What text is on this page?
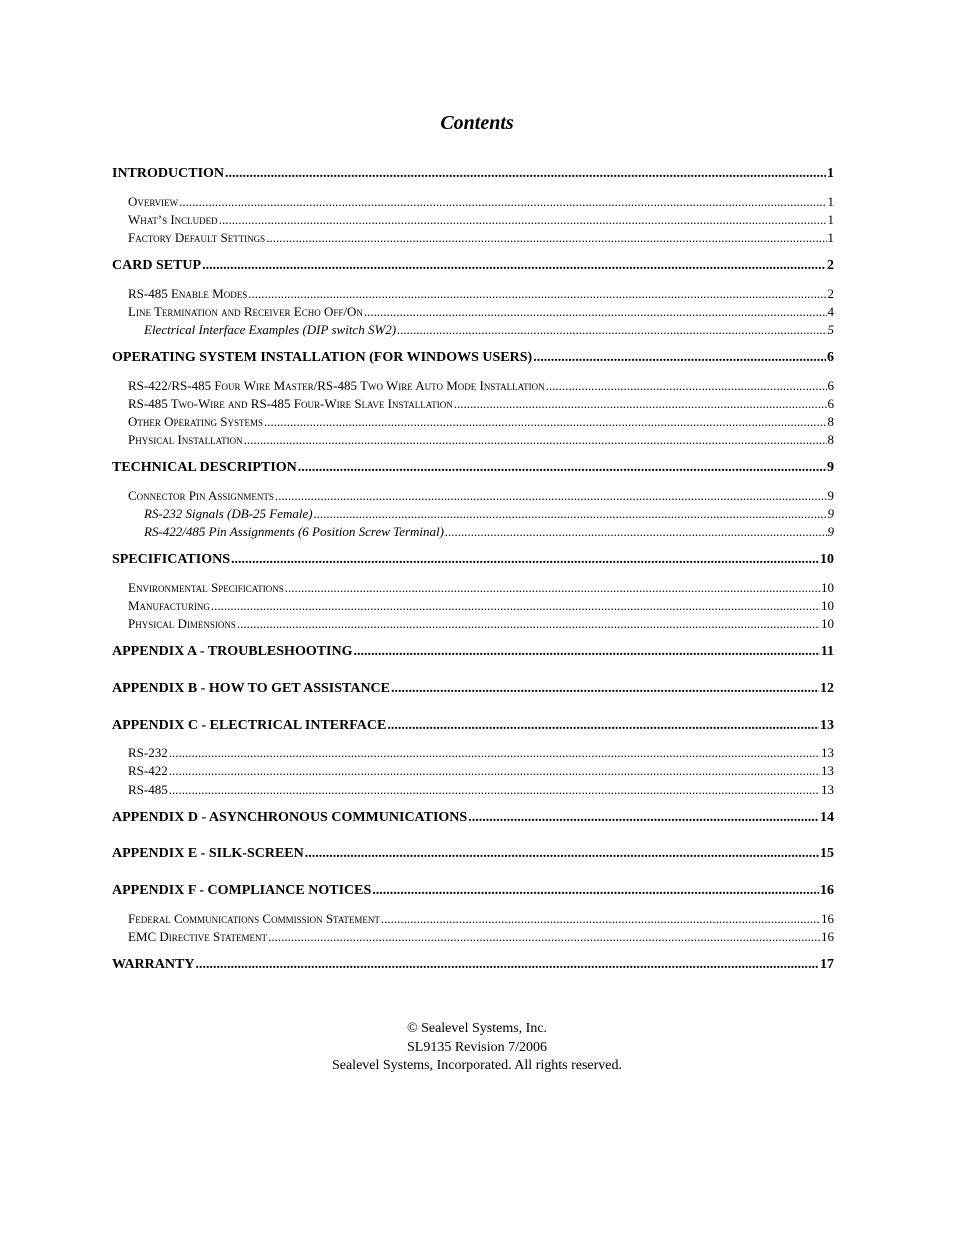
Contents
INTRODUCTION .....	1
Overview .....	1
What’s Included .....	1
Factory Default Settings .....	1
CARD SETUP .....	2
RS-485 Enable Modes .....	2
Line Termination and Receiver Echo Off/On .....	4
Electrical Interface Examples (DIP switch SW2) .....	5
OPERATING SYSTEM INSTALLATION (FOR WINDOWS USERS) .....	6
RS-422/RS-485 Four Wire Master/RS-485 Two Wire Auto Mode Installation .....	6
RS-485 Two-Wire and RS-485 Four-Wire Slave Installation .....	6
Other Operating Systems .....	8
Physical Installation .....	8
TECHNICAL DESCRIPTION .....	9
Connector Pin Assignments .....	9
RS-232 Signals (DB-25 Female) .....	9
RS-422/485 Pin Assignments (6 Position Screw Terminal) .....	9
SPECIFICATIONS .....	10
Environmental Specifications .....	10
Manufacturing .....	10
Physical Dimensions .....	10
APPENDIX A - TROUBLESHOOTING .....	11
APPENDIX B - HOW TO GET ASSISTANCE .....	12
APPENDIX C - ELECTRICAL INTERFACE .....	13
RS-232 .....	13
RS-422 .....	13
RS-485 .....	13
APPENDIX D - ASYNCHRONOUS COMMUNICATIONS .....	14
APPENDIX E - SILK-SCREEN .....	15
APPENDIX F - COMPLIANCE NOTICES .....	16
Federal Communications Commission Statement .....	16
EMC Directive Statement .....	16
WARRANTY .....	17
© Sealevel Systems, Inc.
SL9135 Revision 7/2006
Sealevel Systems, Incorporated. All rights reserved.
